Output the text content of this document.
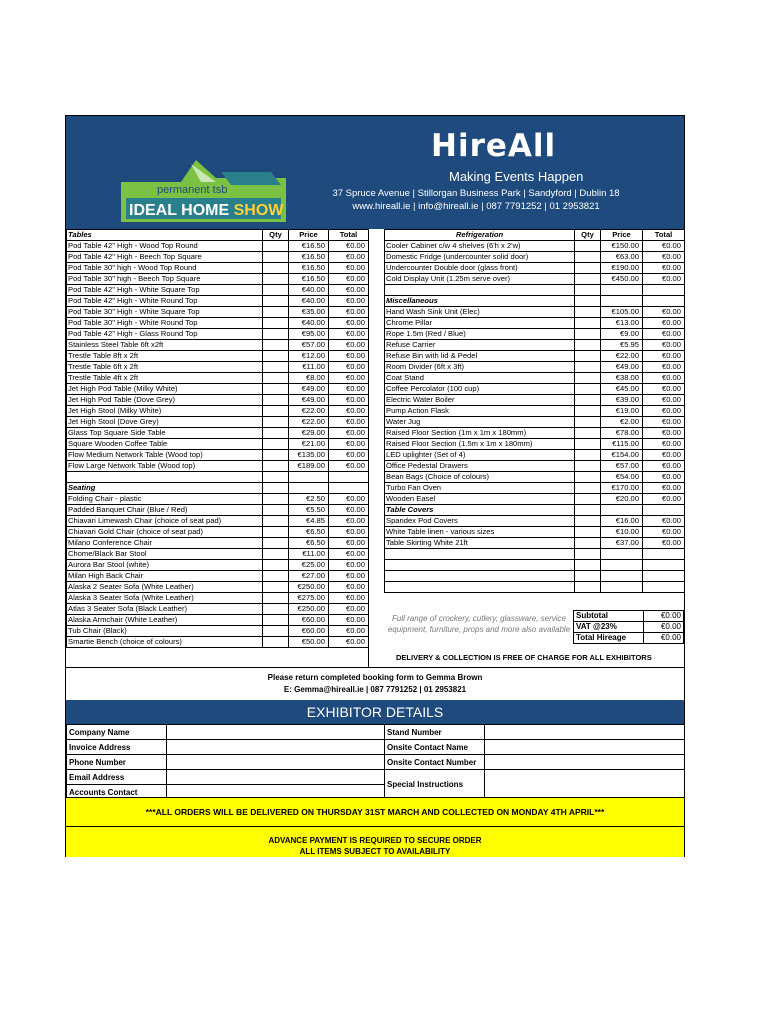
permanent tsb
IDEAL HOME SHOW
HireAll
Making Events Happen
37 Spruce Avenue | Stillorgan Business Park | Sandyford | Dublin 18
www.hireall.ie | info@hireall.ie | 087 7791252 | 01 2953821
Tables	Qty	Price	Total
Pod Table 42" High - Wood Top Round		€16.50	€0.00
Pod Table 42" High - Beech Top Square		€16.50	€0.00
Pod Table 30" high - Wood Top Round		€16.50	€0.00
Pod Table 30" high - Beech Top Square		€16.50	€0.00
Pod Table 42" High - White Square Top		€40.00	€0.00
Pod Table 42" High - White Round Top		€40.00	€0.00
Pod Table 30" High - White Square Top		€35.00	€0.00
Pod Table 30" High - White Round Top		€40.00	€0.00
Pod Table 42" High - Glass Round Top		€95.00	€0.00
Stainless Steel Table 6ft x2ft		€57.00	€0.00
Trestle Table 8ft x 2ft		€12.00	€0.00
Trestle Table 6ft x 2ft		€11.00	€0.00
Trestle Table 4ft x 2ft		€8.00	€0.00
Jet High Pod Table (Milky White)		€49.00	€0.00
Jet High Pod Table (Dove Grey)		€49.00	€0.00
Jet High Stool (Milky White)		€22.00	€0.00
Jet High Stool (Dove Grey)		€22.00	€0.00
Glass Top Square Side Table		€29.00	€0.00
Square Wooden Coffee Table		€21.00	€0.00
Flow Medium Network Table (Wood top)		€135.00	€0.00
Flow Large Network Table (Wood top)		€189.00	€0.00

Seating			
Folding Chair - plastic		€2.50	€0.00
Padded Banquet Chair (Blue / Red)		€5.50	€0.00
Chiavari Limewash Chair (choice of seat pad)		€4.85	€0.00
Chiavari Gold Chair (choice of seat pad)		€6.50	€0.00
Milano Conference Chair		€6.50	€0.00
Chome/Black Bar Stool		€11.00	€0.00
Aurora Bar Stool (white)		€25.00	€0.00
Milan High Back Chair		€27.00	€0.00
Alaska 2 Seater Sofa (White Leather)		€250.00	€0.00
Alaska 3 Seater Sofa (White Leather)		€275.00	€0.00
Atlas 3 Seater Sofa (Black Leather)		€250.00	€0.00
Alaska Armchair (White Leather)		€60.00	€0.00
Tub Chair (Black)		€60.00	€0.00
Smartie Bench (choice of colours)		€50.00	€0.00
Refrigeration	Qty	Price	Total
Cooler Cabinet c/w 4 shelves (6'h x 2'w)		€150.00	€0.00
Domestic Fridge (undercounter solid door)		€63.00	€0.00
Undercounter Double door (glass front)		€190.00	€0.00
Cold Display Unit (1.25m serve over)		€450.00	€0.00

Miscellaneous			
Hand Wash Sink Unit (Elec)		€105.00	€0.00
Chrome Pillar		€13.00	€0.00
Rope 1.5m (Red / Blue)		€9.00	€0.00
Refuse Carrier		€5.95	€0.00
Refuse Bin with lid & Pedel		€22.00	€0.00
Room Divider (6ft x 3ft)		€49.00	€0.00
Coat Stand		€38.00	€0.00
Coffee Percolator (100 cup)		€45.00	€0.00
Electric Water Boiler		€39.00	€0.00
Pump Action Flask		€19.00	€0.00
Water Jug		€2.00	€0.00
Raised Floor Section (1m x 1m x 180mm)		€78.00	€0.00
Raised Floor Section (1.5m x 1m x 180mm)		€115.00	€0.00
LED uplighter (Set of 4)		€154.00	€0.00
Office Pedestal Drawers		€57.00	€0.00
Bean Bags (Choice of colours)		€54.00	€0.00
Turbo Fan Oven		€170.00	€0.00
Wooden Easel		€20.00	€0.00
Table Covers			
Spandex Pod Covers		€16.00	€0.00
White Table linen - various sizes		€10.00	€0.00
Table Skirting White 21ft		€37.00	€0.00

Full range of crockery, cutlery, glassware, service equipment, furniture, props and more also available
Subtotal	€0.00
VAT @23%	€0.00
Total Hireage	€0.00
DELIVERY & COLLECTION IS FREE OF CHARGE FOR ALL EXHIBITORS
Please return completed booking form to Gemma Brown
E: Gemma@hireall.ie | 087 7791252 | 01 2953821
EXHIBITOR DETAILS
Company Name		Stand Number	
Invoice Address		Onsite Contact Name	
Phone Number		Onsite Contact Number	
Email Address		Special Instructions	
Accounts Contact			
***ALL ORDERS WILL BE DELIVERED ON THURSDAY 31ST MARCH AND COLLECTED ON MONDAY 4TH APRIL***
ADVANCE PAYMENT IS REQUIRED TO SECURE ORDER
ALL ITEMS SUBJECT TO AVAILABILITY
